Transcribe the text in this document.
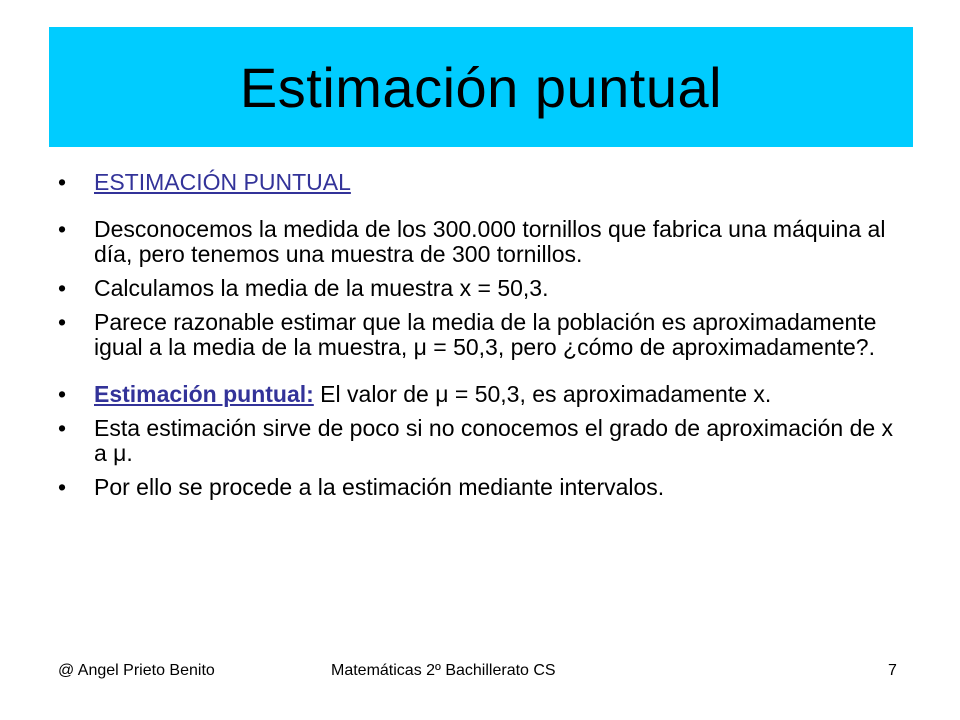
Estimación puntual
• ESTIMACIÓN PUNTUAL
• Desconocemos la medida de los 300.000 tornillos que fabrica una máquina al día, pero tenemos una muestra de 300 tornillos.
• Calculamos la media de la muestra x = 50,3.
• Parece razonable estimar que la media de la población es aproximadamente igual a la media de la muestra, μ = 50,3, pero ¿cómo de aproximadamente?.
• Estimación puntual: El valor de μ = 50,3, es aproximadamente x.
• Esta estimación sirve de poco si no conocemos el grado de aproximación de x a μ.
• Por ello se procede a la estimación mediante intervalos.
@ Angel Prieto Benito	Matemáticas 2º Bachillerato CS	7
